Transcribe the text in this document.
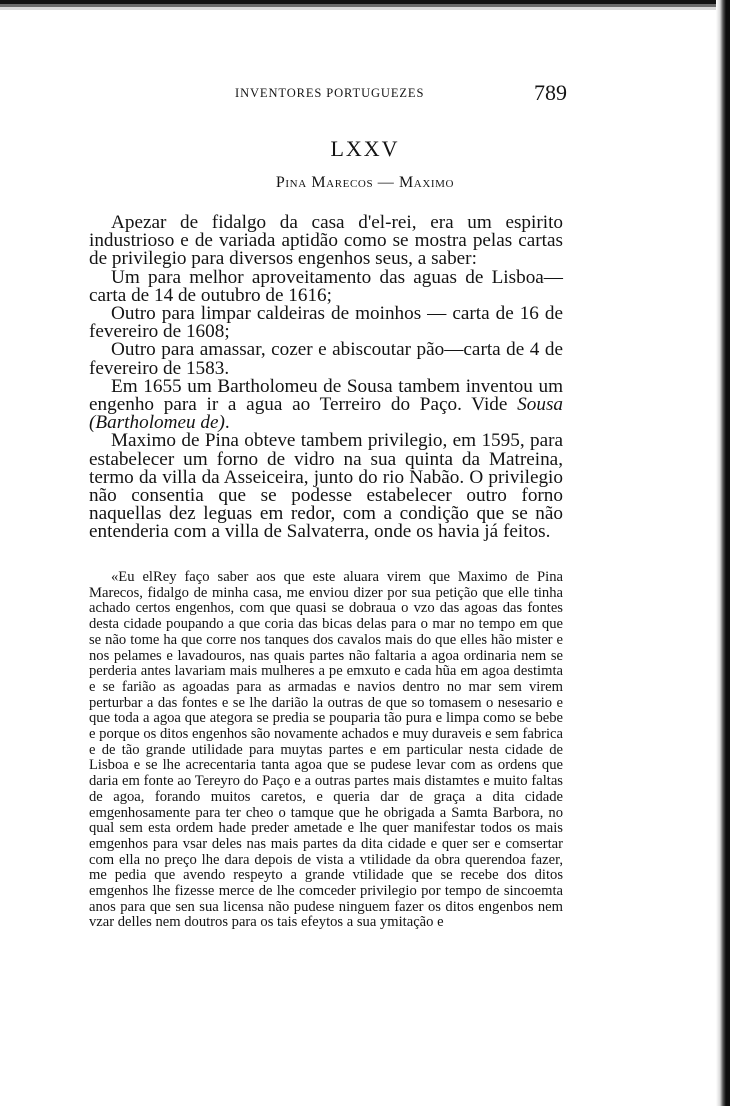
INVENTORES PORTUGUEZES	789
LXXV
Pina Marecos — Maximo

Apezar de fidalgo da casa d'el-rei, era um espirito industrioso e de variada aptidão como se mostra pelas cartas de privilegio para diversos engenhos seus, a saber:

Um para melhor aproveitamento das aguas de Lisboa—carta de 14 de outubro de 1616;

Outro para limpar caldeiras de moinhos — carta de 16 de fevereiro de 1608;

Outro para amassar, cozer e abiscoutar pão—carta de 4 de fevereiro de 1583.

Em 1655 um Bartholomeu de Sousa tambem inventou um engenho para ir a agua ao Terreiro do Paço. Vide Sousa (Bartholomeu de).

Maximo de Pina obteve tambem privilegio, em 1595, para estabelecer um forno de vidro na sua quinta da Matreina, termo da villa da Asseiceira, junto do rio Nabão. O privilegio não consentia que se podesse estabelecer outro forno naquellas dez leguas em redor, com a condição que se não entenderia com a villa de Salvaterra, onde os havia já feitos.

«Eu elRey faço saber aos que este aluara virem que Maximo de Pina Marecos, fidalgo de minha casa, me enviou dizer por sua petição que elle tinha achado certos engenhos, com que quasi se dobraua o vzo das agoas das fontes desta cidade poupando a que coria das bicas delas para o mar no tempo em que se não tome ha que corre nos tanques dos cavalos mais do que elles hão mister e nos pelames e lavadouros, nas quais partes não faltaria a agoa ordinaria nem se perderia antes lavariam mais mulheres a pe emxuto e cada hũa em agoa destimta e se farião as agoadas para as armadas e navios dentro no mar sem virem perturbar a das fontes e se lhe darião la outras de que so tomasem o nesesario e que toda a agoa que ategora se predia se pouparia tão pura e limpa como se bebe e porque os ditos engenhos são novamente achados e muy duraveis e sem fabrica e de tão grande utilidade para muytas partes e em particular nesta cidade de Lisboa e se lhe acrecentaria tanta agoa que se pudese levar com as ordens que daria em fonte ao Tereyro do Paço e a outras partes mais distamtes e muito faltas de agoa, forando muitos caretos, e queria dar de graça a dita cidade emgenhosamente para ter cheo o tamque que he obrigada a Samta Barbora, no qual sem esta ordem hade preder ametade e lhe quer manifestar todos os mais emgenhos para vsar deles nas mais partes da dita cidade e quer ser e comsertar com ella no preço lhe dara depois de vista a vtilidade da obra querendoa fazer, me pedia que avendo respeyto a grande vtilidade que se recebe dos ditos emgenhos lhe fizesse merce de lhe comceder privilegio por tempo de sincoemta anos para que sen sua licensa não pudese ninguem fazer os ditos engenbos nem vzar delles nem doutros para os tais efeytos a sua ymitação e
